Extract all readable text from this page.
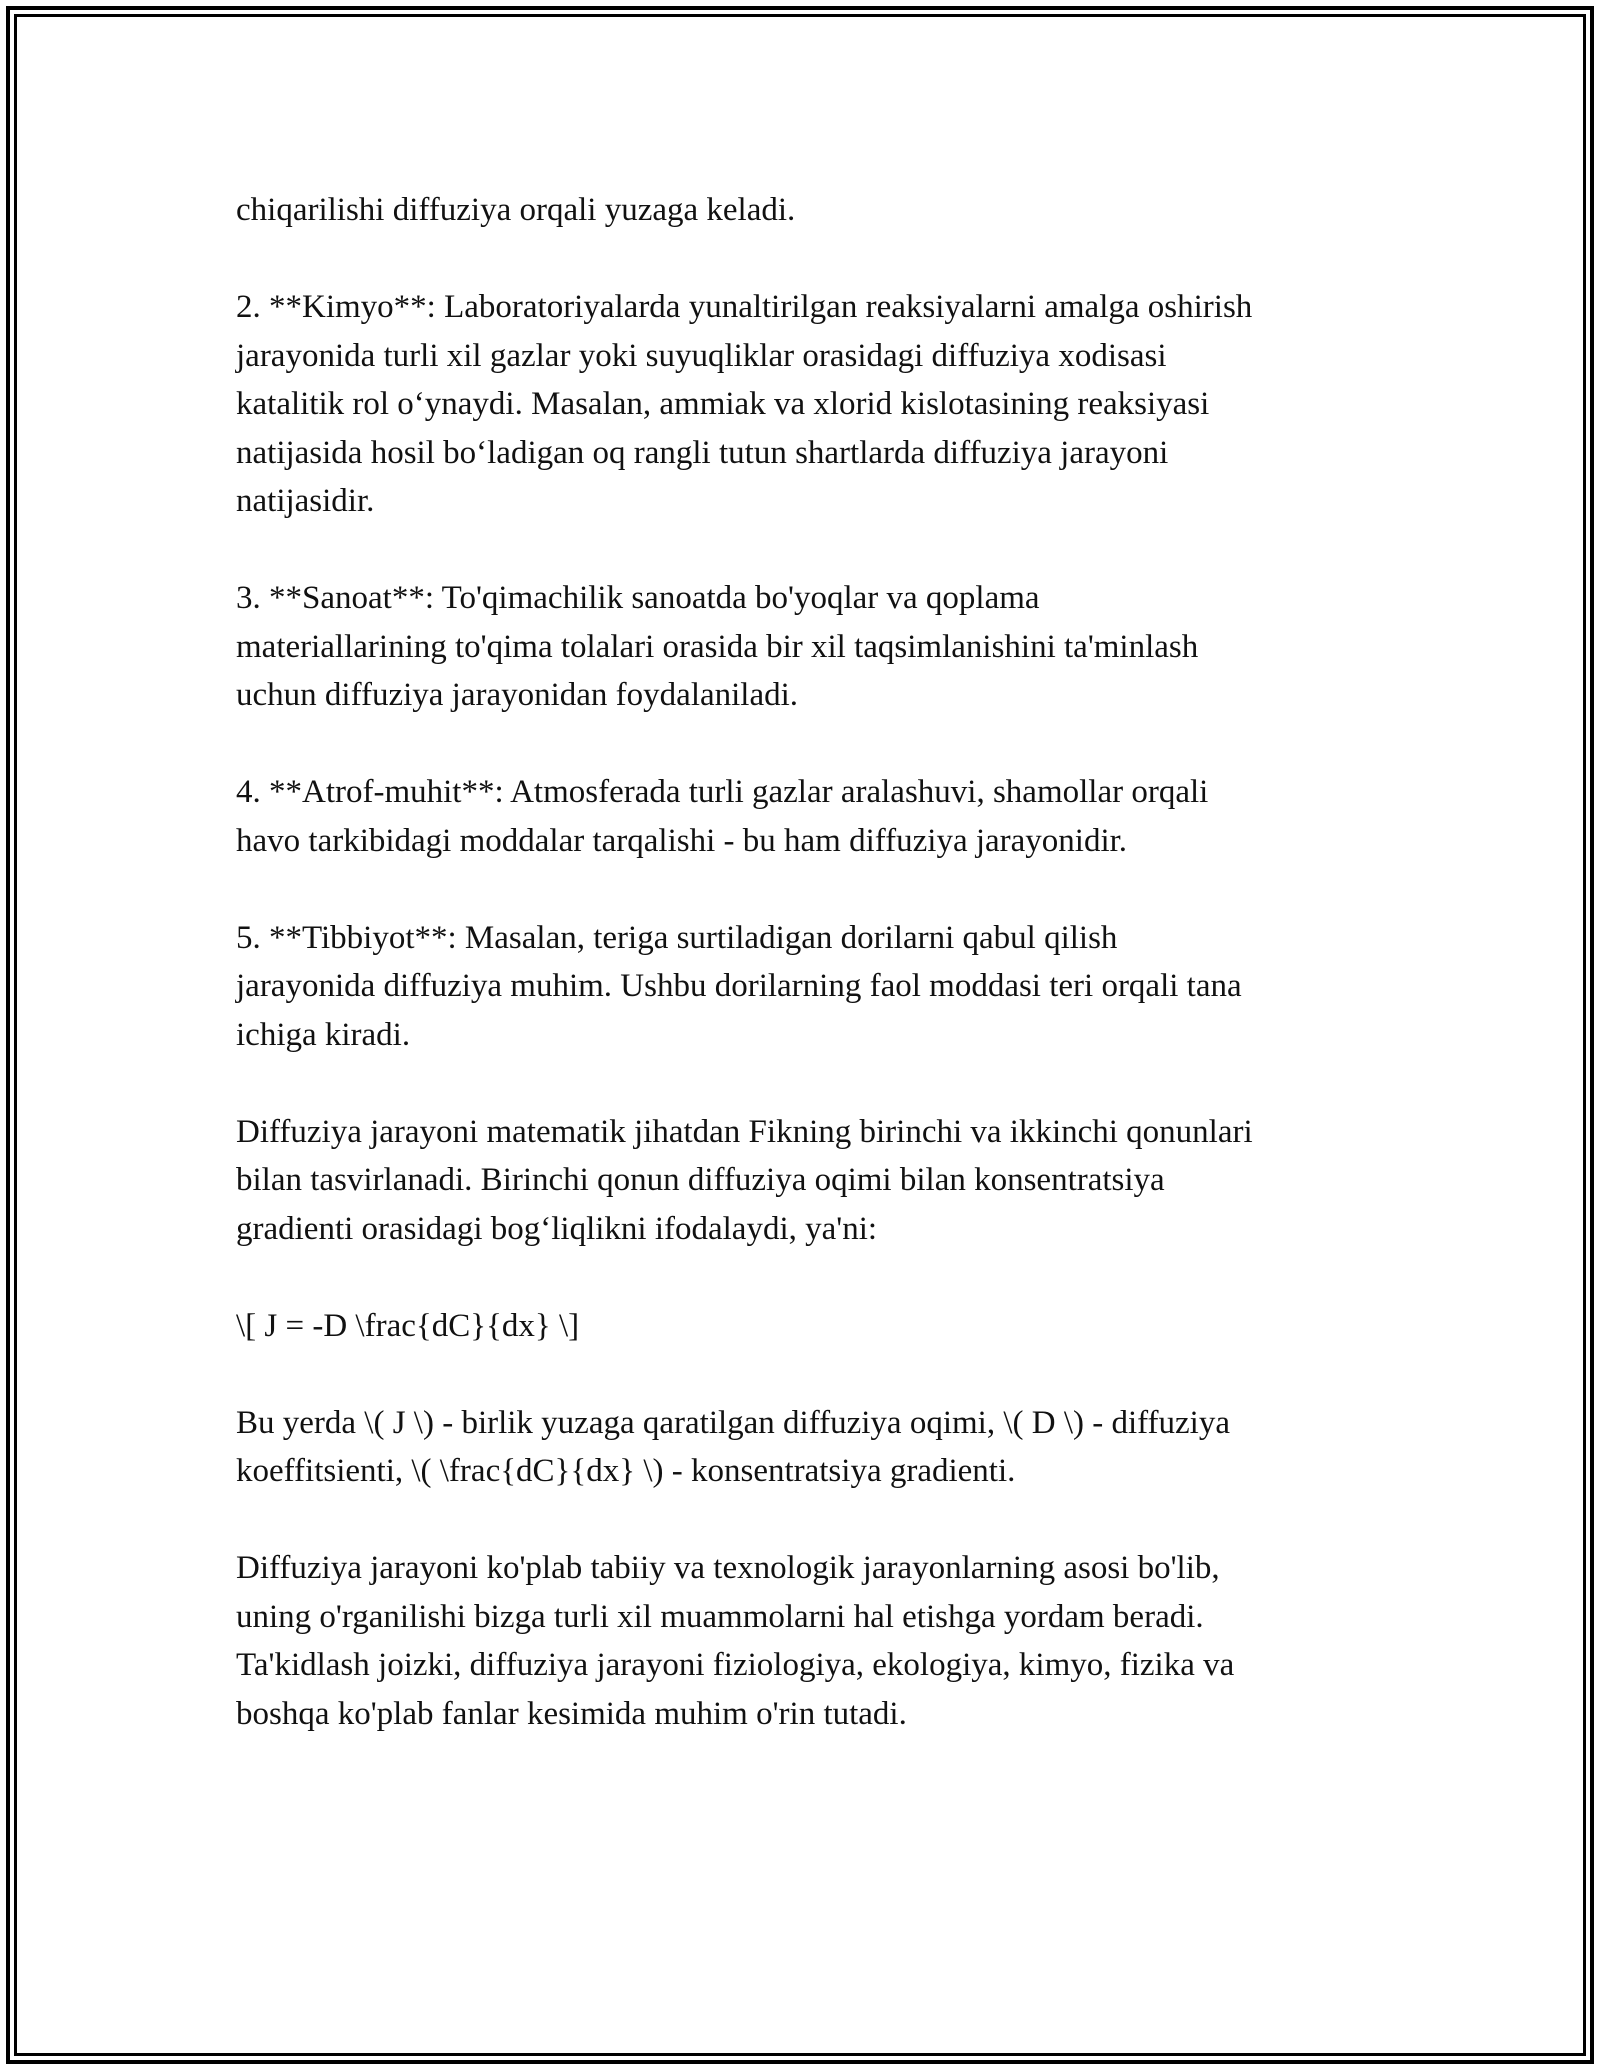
chiqarilishi diffuziya orqali yuzaga keladi.

2. **Kimyo**: Laboratoriyalarda yunaltirilgan reaksiyalarni amalga oshirish
jarayonida turli xil gazlar yoki suyuqliklar orasidagi diffuziya xodisasi
katalitik rol o‘ynaydi. Masalan, ammiak va xlorid kislotasining reaksiyasi
natijasida hosil bo‘ladigan oq rangli tutun shartlarda diffuziya jarayoni
natijasidir.

3. **Sanoat**: To'qimachilik sanoatda bo'yoqlar va qoplama
materiallarining to'qima tolalari orasida bir xil taqsimlanishini ta'minlash
uchun diffuziya jarayonidan foydalaniladi.

4. **Atrof-muhit**: Atmosferada turli gazlar aralashuvi, shamollar orqali
havo tarkibidagi moddalar tarqalishi - bu ham diffuziya jarayonidir.

5. **Tibbiyot**: Masalan, teriga surtiladigan dorilarni qabul qilish
jarayonida diffuziya muhim. Ushbu dorilarning faol moddasi teri orqali tana
ichiga kiradi.

Diffuziya jarayoni matematik jihatdan Fikning birinchi va ikkinchi qonunlari
bilan tasvirlanadi. Birinchi qonun diffuziya oqimi bilan konsentratsiya
gradienti orasidagi bog‘liqlikni ifodalaydi, ya'ni:

\[ J = -D \frac{dC}{dx} \]

Bu yerda \( J \) - birlik yuzaga qaratilgan diffuziya oqimi, \( D \) - diffuziya
koeffitsienti, \( \frac{dC}{dx} \) - konsentratsiya gradienti.

Diffuziya jarayoni ko'plab tabiiy va texnologik jarayonlarning asosi bo'lib,
uning o'rganilishi bizga turli xil muammolarni hal etishga yordam beradi.
Ta'kidlash joizki, diffuziya jarayoni fiziologiya, ekologiya, kimyo, fizika va
boshqa ko'plab fanlar kesimida muhim o'rin tutadi.
